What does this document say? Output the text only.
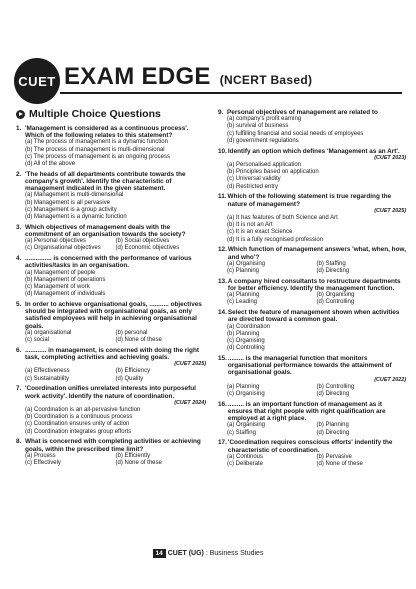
CUET EXAM EDGE (NCERT Based)
Multiple Choice Questions
1. 'Management is considered as a continuous process'. Which of the following relates to this statement?
(a) The process of management is a dynamic function
(b) The process of management is multi-dimensional
(c) The process of management is an ongoing process
(d) All of the above
2. 'The heads of all departments contribute towards the company's growth'. Identify the characteristic of management indicated in the given statement.
(a) Management is multi-dimensional
(b) Management is all pervasive
(c) Management is a group activity
(d) Management is a dynamic function
3. Which objectives of management deals with the commitment of an organisation towards the society?
(a) Personal objectives	(b) Social objectives
(c) Organisational objectives	(d) Economic objectives
4. ............... is concerned with the performance of various activities/tasks in an organisation.
(a) Management of people
(b) Management of operations
(c) Management of work
(d) Management of individuals
5. In order to achieve organisational goals, ........... objectives should be integrated with organisational goals, as only satisfied employees will help in achieving organisational goals.
(a) organisational	(b) personal
(c) social	(d) None of these
6. ............ in management, is concerned with doing the right task, completing activities and achieving goals.
(CUET 2025)
(a) Effectiveness	(b) Efficiency
(c) Sustainability	(d) Quality
7. 'Coordination unifies unrelated interests into purposeful work activity'. Identify the nature of coordination.
(CUET 2024)
(a) Coordination is an all-pervasive function
(b) Coordination is a continuous process
(c) Coordination ensures unity of action
(d) Coordination integrates group efforts
8. What is concerned with completing activities or achieving goals, within the prescribed time limit?
(a) Process	(b) Efficiently
(c) Effectively	(d) None of these
9. Personal objectives of management are related to
(a) company's profit earning
(b) survival of business
(c) fulfilling financial and social needs of employees
(d) government regulations
10. Identify an option which defines 'Management as an Art'.
(CUET 2023)
(a) Personalised application
(b) Principles based on application
(c) Universal validity
(d) Restricted entry
11. Which of the following statement is true regarding the nature of management?
(CUET 2025)
(a) It has features of both Science and Art
(b) It is not an Art
(c) It is an exact Science
(d) It is a fully recognised profession
12. Which function of management answers 'what, when, how, and who'?
(a) Organising	(b) Staffing
(c) Planning	(d) Directing
13. A company hired consultants to restructure departments for better efficiency. Identify the management function.
(a) Planning	(b) Organising
(c) Leading	(d) Controlling
14. Select the feature of management shown when activities are directed toward a common goal.
(a) Coordination
(b) Planning
(c) Organising
(d) Controlling
15. ......... is the managerial function that monitors organisational performance towards the attainment of organisational goals.
(CUET 2022)
(a) Planning	(b) Controlling
(c) Organising	(d) Directing
16. ......... is an important function of management as it ensures that right people with right qualification are employed at a right place.
(a) Organising	(b) Planning
(c) Staffing	(d) Directing
17. 'Coordination requires conscious efforts' indentify the characteristic of coordination.
(a) Continous	(b) Pervasive
(c) Deliberate	(d) None of these
14 CUET (UG) : Business Studies
